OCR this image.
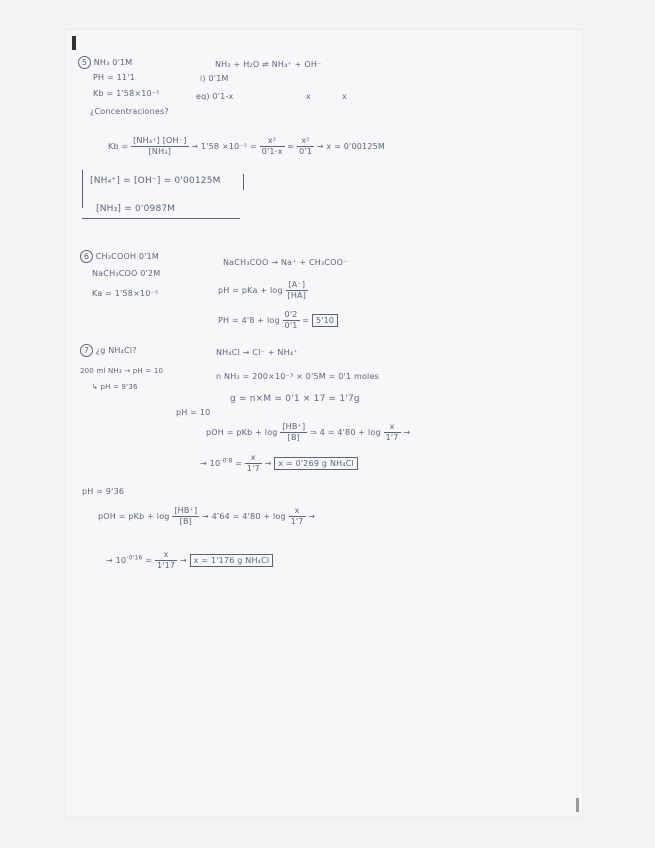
5 NH₃ 0'1M
PH = 11'1
Kb = 1'58×10⁻⁵
¿Concentraciones?
NH₃ + H₂O ⇌ NH₄⁺ + OH⁻
i) 0'1M
eq) 0'1-x	x	x
$Kb = \frac{\text{[NH₄⁺] [OH⁻]}}{\text{[NH₃]}} \to 1'58 \times 10^{-5} = \frac{\text{x²}}{0'1-x} \approx \frac{\text{x²}}{0'1} \to x = 0'00125M$
[NH₄⁺] = [OH⁻] = 0'00125M
[NH₃] = 0'0987M
6 CH₃COOH 0'1M
NaCH₃COO 0'2M
Ka = 1'58×10⁻⁵
NaCH₃COO → Na⁺ + CH₃COO⁻
pH = pKa + $\log \frac{[A^-]}{[HA]}$
PH = $4'8 + \log \frac{0'2}{0'1} = 5'10$
7 ¿g NH₄Cl?
200 ml NH₃ → pH = 10
↳ pH = 9'36
NH₄Cl → Cl⁻ + NH₄⁺
n NH₃ = 200×10⁻³ × 0'5M = 0'1 moles
g = n×M = 0'1 × 17 = 1'7g
pH = 10
pOH = pKb + $\log \frac{[HB^+]}{[B]}$ ⇒ $4 = 4'80 + \log \frac{x}{1'7}$ →
→ $10^{-0'8} = \frac{x}{1'7} \to x = 0'269$ g NH₄Cl
pH = 9'36
pOH = pKb + $\log \frac{[HB^+]}{[B]} \to 4'64 = 4'80 + \log \frac{x}{1'7}$ →
→ $10^{-0'16} = \frac{x}{1'17} \to x = 1'176$ g NH₄Cl
